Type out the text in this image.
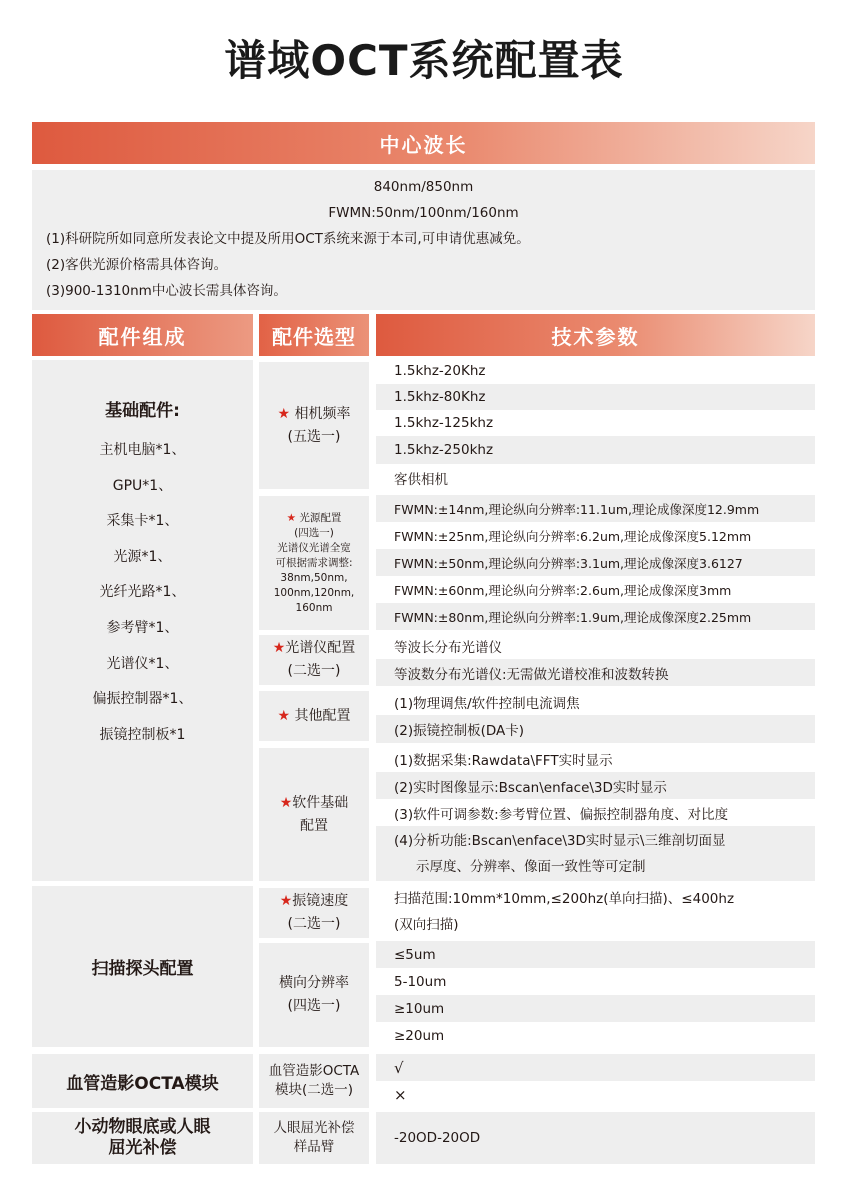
谱域OCT系统配置表
中心波长

840nm/850nm

FWMN:50nm/100nm/160nm

(1)科研院所如同意所发表论文中提及所用OCT系统来源于本司,可申请优惠减免。

(2)客供光源价格需具体咨询。

(3)900-1310nm中心波长需具体咨询。

配件组成	配件选型	技术参数
基础配件:
主机电脑*1、
GPU*1、
采集卡*1、
光源*1、
光纤光路*1、
参考臂*1、
光谱仪*1、
偏振控制器*1、
振镜控制板*1
★ 相机频率
(五选一)
1.5khz-20Khz
1.5khz-80Khz
1.5khz-125khz
1.5khz-250khz
客供相机
★ 光源配置
(四选一)
光谱仪光谱全宽
可根据需求调整:
38nm,50nm,
100nm,120nm,
160nm
FWMN:±14nm,理论纵向分辨率:11.1um,理论成像深度12.9mm
FWMN:±25nm,理论纵向分辨率:6.2um,理论成像深度5.12mm
FWMN:±50nm,理论纵向分辨率:3.1um,理论成像深度3.6127
FWMN:±60nm,理论纵向分辨率:2.6um,理论成像深度3mm
FWMN:±80nm,理论纵向分辨率:1.9um,理论成像深度2.25mm
★光谱仪配置
(二选一)
等波长分布光谱仪
等波数分布光谱仪:无需做光谱校准和波数转换
★ 其他配置
(1)物理调焦/软件控制电流调焦
(2)振镜控制板(DA卡)
★软件基础
配置
(1)数据采集:Rawdata\FFT实时显示
(2)实时图像显示:Bscan\enface\3D实时显示
(3)软件可调参数:参考臂位置、偏振控制器角度、对比度
(4)分析功能:Bscan\enface\3D实时显示\三维剖切面显
示厚度、分辨率、像面一致性等可定制
扫描探头配置
★振镜速度
(二选一)
扫描范围:10mm*10mm,≤200hz(单向扫描)、≤400hz
(双向扫描)
横向分辨率
(四选一)
≤5um
5-10um
≥10um
≥20um
血管造影OCTA模块
血管造影OCTA
模块(二选一)
√
×
小动物眼底或人眼
屈光补偿
人眼屈光补偿
样品臂
-20OD-20OD
